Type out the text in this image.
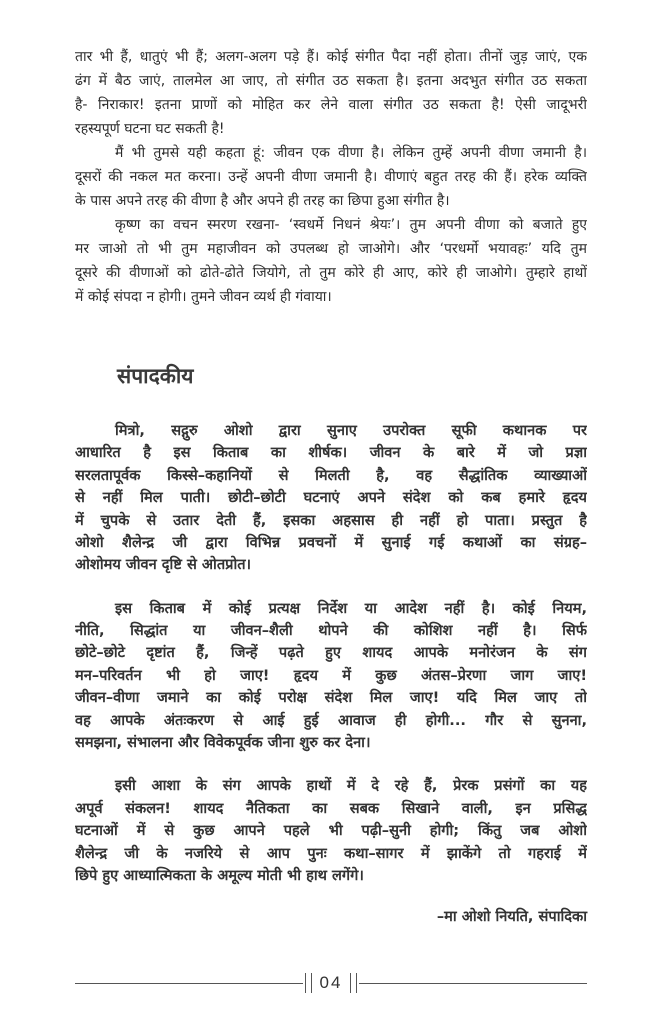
तार भी हैं, धातुएं भी हैं; अलग-अलग पड़े हैं। कोई संगीत पैदा नहीं होता। तीनों जुड़ जाएं, एक
ढंग में बैठ जाएं, तालमेल आ जाए, तो संगीत उठ सकता है। इतना अदभुत संगीत उठ सकता
है- निराकार! इतना प्राणों को मोहित कर लेने वाला संगीत उठ सकता है! ऐसी जादूभरी
रहस्यपूर्ण घटना घट सकती है!
मैं भी तुमसे यही कहता हूं: जीवन एक वीणा है। लेकिन तुम्हें अपनी वीणा जमानी है।
दूसरों की नकल मत करना। उन्हें अपनी वीणा जमानी है। वीणाएं बहुत तरह की हैं। हरेक व्यक्ति
के पास अपने तरह की वीणा है और अपने ही तरह का छिपा हुआ संगीत है।
कृष्ण का वचन स्मरण रखना- ‘स्वधर्मे निधनं श्रेयः’। तुम अपनी वीणा को बजाते हुए
मर जाओ तो भी तुम महाजीवन को उपलब्ध हो जाओगे। और ‘परधर्मो भयावहः’ यदि तुम
दूसरे की वीणाओं को ढोते-ढोते जियोगे, तो तुम कोरे ही आए, कोरे ही जाओगे। तुम्हारे हाथों
में कोई संपदा न होगी। तुमने जीवन व्यर्थ ही गंवाया।
संपादकीय
मित्रो, सद्गुरु ओशो द्वारा सुनाए उपरोक्त सूफी कथानक पर
आधारित है इस किताब का शीर्षक। जीवन के बारे में जो प्रज्ञा
सरलतापूर्वक किस्से–कहानियों से मिलती है, वह सैद्धांतिक व्याख्याओं
से नहीं मिल पाती। छोटी–छोटी घटनाएं अपने संदेश को कब हमारे हृदय
में चुपके से उतार देती हैं, इसका अहसास ही नहीं हो पाता। प्रस्तुत है
ओशो शैलेन्द्र जी द्वारा विभिन्न प्रवचनों में सुनाई गई कथाओं का संग्रह–
ओशोमय जीवन दृष्टि से ओतप्रोत।
इस किताब में कोई प्रत्यक्ष निर्देश या आदेश नहीं है। कोई नियम,
नीति, सिद्धांत या जीवन–शैली थोपने की कोशिश नहीं है। सिर्फ
छोटे–छोटे दृष्टांत हैं, जिन्हें पढ़ते हुए शायद आपके मनोरंजन के संग
मन–परिवर्तन भी हो जाए! हृदय में कुछ अंतस–प्रेरणा जाग जाए!
जीवन–वीणा जमाने का कोई परोक्ष संदेश मिल जाए! यदि मिल जाए तो
वह आपके अंतःकरण से आई हुई आवाज ही होगी... गौर से सुनना,
समझना, संभालना और विवेकपूर्वक जीना शुरु कर देना।
इसी आशा के संग आपके हाथों में दे रहे हैं, प्रेरक प्रसंगों का यह
अपूर्व संकलन! शायद नैतिकता का सबक सिखाने वाली, इन प्रसिद्ध
घटनाओं में से कुछ आपने पहले भी पढ़ी–सुनी होगी; किंतु जब ओशो
शैलेन्द्र जी के नजरिये से आप पुनः कथा–सागर में झाकेंगे तो गहराई में
छिपे हुए आध्यात्मिकता के अमूल्य मोती भी हाथ लगेंगे।
–मा ओशो नियति, संपादिका
04
